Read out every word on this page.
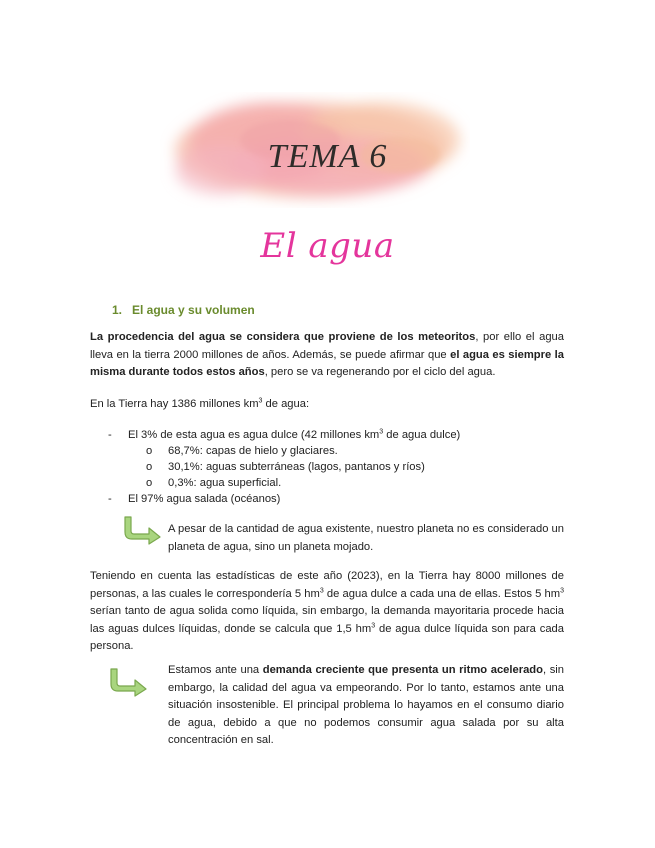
TEMA 6
El agua
1. El agua y su volumen
La procedencia del agua se considera que proviene de los meteoritos, por ello el agua lleva en la tierra 2000 millones de años. Además, se puede afirmar que el agua es siempre la misma durante todos estos años, pero se va regenerando por el ciclo del agua.
En la Tierra hay 1386 millones $km^3$ de agua:
- El 3% de esta agua es agua dulce (42 millones $km^3$ de agua dulce)
o 68,7%: capas de hielo y glaciares.
o 30,1%: aguas subterráneas (lagos, pantanos y ríos)
o 0,3%: agua superficial.
- El 97% agua salada (océanos)
A pesar de la cantidad de agua existente, nuestro planeta no es considerado un planeta de agua, sino un planeta mojado.
Teniendo en cuenta las estadísticas de este año (2023), en la Tierra hay 8000 millones de personas, a las cuales le correspondería 5 $hm^3$ de agua dulce a cada una de ellas. Estos 5 $hm^3$ serían tanto de agua solida como líquida, sin embargo, la demanda mayoritaria procede hacia las aguas dulces líquidas, donde se calcula que 1,5 $hm^3$ de agua dulce líquida son para cada persona.
Estamos ante una demanda creciente que presenta un ritmo acelerado, sin embargo, la calidad del agua va empeorando. Por lo tanto, estamos ante una situación insostenible. El principal problema lo hayamos en el consumo diario de agua, debido a que no podemos consumir agua salada por su alta concentración en sal.
